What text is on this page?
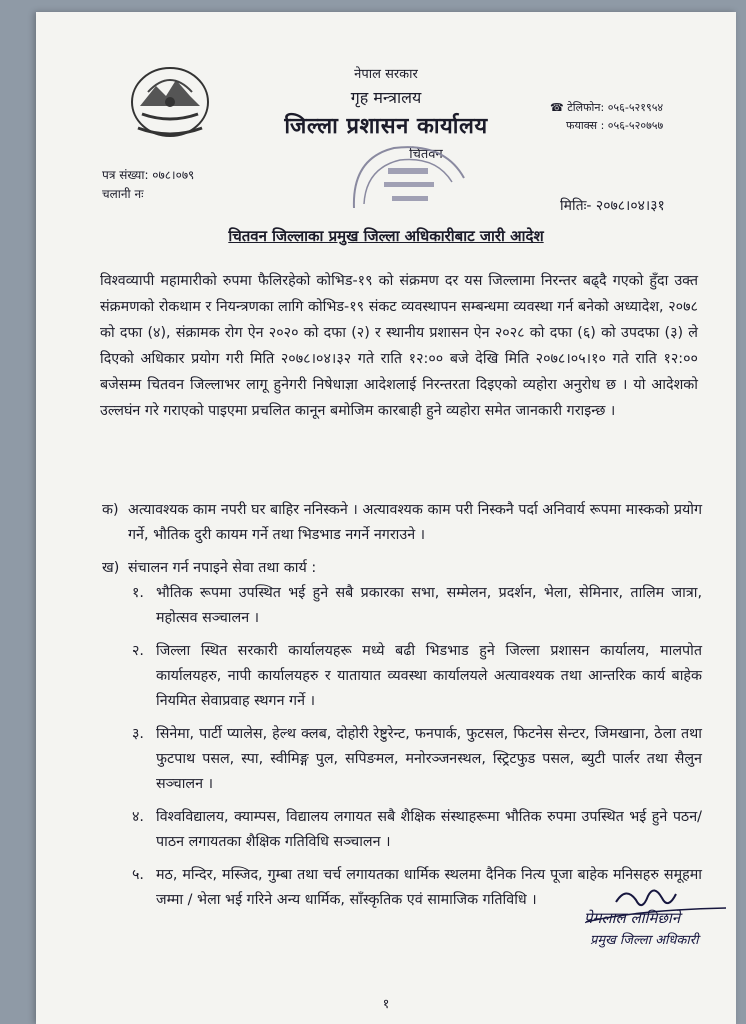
नेपाल सरकार
गृह मन्त्रालय
जिल्ला प्रशासन कार्यालय
चितवन
☎ टेलिफोन: ०५६-५२१९५४
फयाक्स : ०५६-५२०७५७
पत्र संख्या: ०७८।०७९
चलानी नः
मितिः- २०७८।०४।३१
चितवन जिल्लाका प्रमुख जिल्ला अधिकारीबाट जारी आदेश
विश्वव्यापी महामारीको रुपमा फैलिरहेको कोभिड-१९ को संक्रमण दर यस जिल्लामा निरन्तर बढ्दै गएको हुँदा उक्त संक्रमणको रोकथाम र नियन्त्रणका लागि कोभिड-१९ संकट व्यवस्थापन सम्बन्धमा व्यवस्था गर्न बनेको अध्यादेश, २०७८ को दफा (४), संक्रामक रोग ऐन २०२० को दफा (२) र स्थानीय प्रशासन ऐन २०२८ को दफा (६) को उपदफा (३) ले दिएको अधिकार प्रयोग गरी मिति २०७८।०४।३२ गते राति १२:०० बजे देखि मिति २०७८।०५।१० गते राति १२:०० बजेसम्म चितवन जिल्लाभर लागू हुनेगरी निषेधाज्ञा आदेशलाई निरन्तरता दिइएको व्यहोरा अनुरोध छ । यो आदेशको उल्लघंन गरे गराएको पाइएमा प्रचलित कानून बमोजिम कारबाही हुने व्यहोरा समेत जानकारी गराइन्छ ।
क) अत्यावश्यक काम नपरी घर बाहिर ननिस्कने । अत्यावश्यक काम परी निस्कनै पर्दा अनिवार्य रूपमा मास्कको प्रयोग गर्ने, भौतिक दुरी कायम गर्ने तथा भिडभाड नगर्ने नगराउने ।
ख) संचालन गर्न नपाइने सेवा तथा कार्य :
१. भौतिक रूपमा उपस्थित भई हुने सबै प्रकारका सभा, सम्मेलन, प्रदर्शन, भेला, सेमिनार, तालिम जात्रा, महोत्सव सञ्चालन ।
२. जिल्ला स्थित सरकारी कार्यालयहरू मध्ये बढी भिडभाड हुने जिल्ला प्रशासन कार्यालय, मालपोत कार्यालयहरु, नापी कार्यालयहरु र यातायात व्यवस्था कार्यालयले अत्यावश्यक तथा आन्तरिक कार्य बाहेक नियमित सेवाप्रवाह स्थगन गर्ने ।
३. सिनेमा, पार्टी प्यालेस, हेल्थ क्लब, दोहोरी रेष्टुरेन्ट, फनपार्क, फुटसल, फिटनेस सेन्टर, जिमखाना, ठेला तथा फुटपाथ पसल, स्पा, स्वीमिङ्ग पुल, सपिङमल, मनोरञ्जनस्थल, स्ट्रिटफुड पसल, ब्युटी पार्लर तथा सैलुन सञ्चालन ।
४. विश्वविद्यालय, क्याम्पस, विद्यालय लगायत सबै शैक्षिक संस्थाहरूमा भौतिक रुपमा उपस्थित भई हुने पठन/पाठन लगायतका शैक्षिक गतिविधि सञ्चालन ।
५. मठ, मन्दिर, मस्जिद, गुम्बा तथा चर्च लगायतका धार्मिक स्थलमा दैनिक नित्य पूजा बाहेक मनिसहरु समूहमा जम्मा / भेला भई गरिने अन्य धार्मिक, साँस्कृतिक एवं सामाजिक गतिविधि ।
प्रेमलाल लामिछाने
प्रमुख जिल्ला अधिकारी
१
